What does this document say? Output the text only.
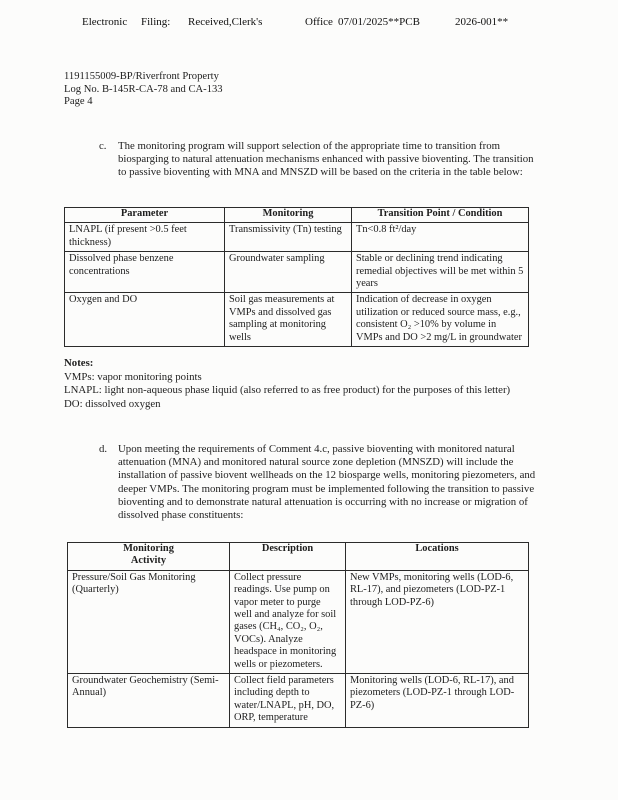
Electronic Filing: Received,Clerk's	Office 07/01/2025**PCB	2026-001**
1191155009-BP/Riverfront Property
Log No. B-145R-CA-78 and CA-133
Page 4
c.	The monitoring program will support selection of the appropriate time to transition from biosparging to natural attenuation mechanisms enhanced with passive bioventing. The transition to passive bioventing with MNA and MNSZD will be based on the criteria in the table below:
Parameter	Monitoring	Transition Point / Condition
LNAPL (if present >0.5 feet thickness)	Transmissivity (Tn) testing	Tn<0.8 ft²/day
Dissolved phase benzene concentrations	Groundwater sampling	Stable or declining trend indicating remedial objectives will be met within 5 years
Oxygen and DO	Soil gas measurements at VMPs and dissolved gas sampling at monitoring wells	Indication of decrease in oxygen utilization or reduced source mass, e.g., consistent O₂ >10% by volume in VMPs and DO >2 mg/L in groundwater
Notes:
VMPs: vapor monitoring points
LNAPL: light non-aqueous phase liquid (also referred to as free product) for the purposes of this letter)
DO: dissolved oxygen
d.	Upon meeting the requirements of Comment 4.c, passive bioventing with monitored natural attenuation (MNA) and monitored natural source zone depletion (MNSZD) will include the installation of passive biovent wellheads on the 12 biosparge wells, monitoring piezometers, and deeper VMPs. The monitoring program must be implemented following the transition to passive bioventing and to demonstrate natural attenuation is occurring with no increase or migration of dissolved phase constituents:
Monitoring Activity	Description	Locations
Pressure/Soil Gas Monitoring (Quarterly)	Collect pressure readings. Use pump on vapor meter to purge well and analyze for soil gases (CH₄, CO₂, O₂, VOCs). Analyze headspace in monitoring wells or piezometers.	New VMPs, monitoring wells (LOD-6, RL-17), and piezometers (LOD-PZ-1 through LOD-PZ-6)
Groundwater Geochemistry (Semi-Annual)	Collect field parameters including depth to water/LNAPL, pH, DO, ORP, temperature	Monitoring wells (LOD-6, RL-17), and piezometers (LOD-PZ-1 through LOD-PZ-6)
